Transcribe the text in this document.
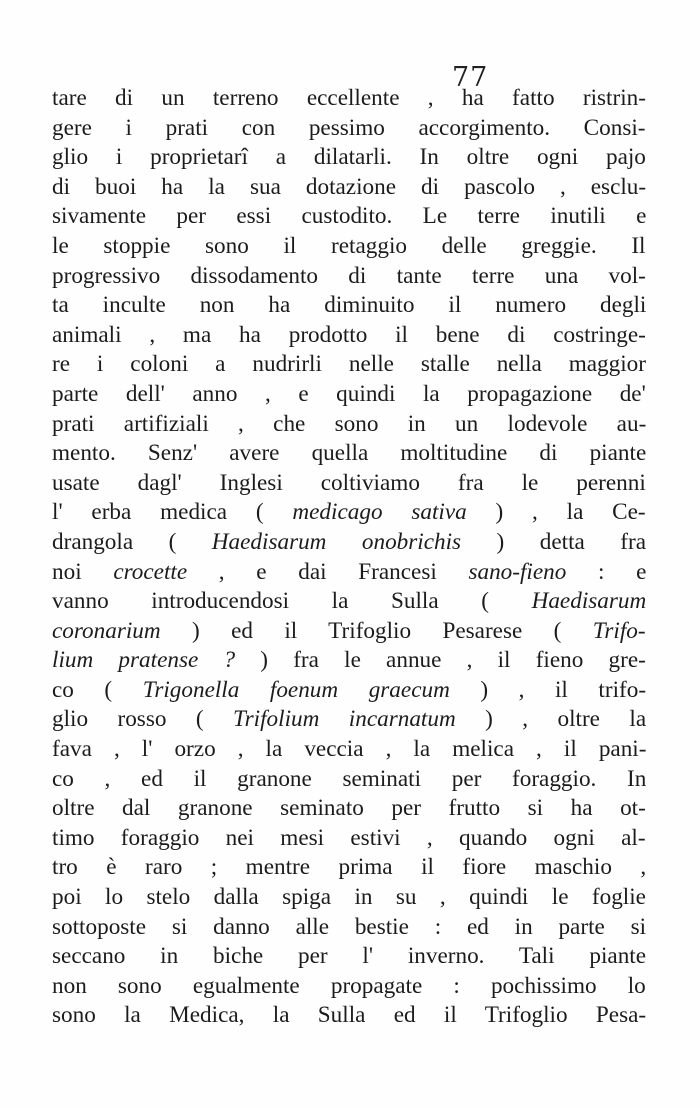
77
tare di un terreno eccellente , ha fatto ristrin-
gere i prati con pessimo accorgimento. Consi-
glio i proprietarî a dilatarli. In oltre ogni pajo
di buoi ha la sua dotazione di pascolo , esclu-
sivamente per essi custodito. Le terre inutili e
le stoppie sono il retaggio delle greggie. Il
progressivo dissodamento di tante terre una vol-
ta inculte non ha diminuito il numero degli
animali , ma ha prodotto il bene di costringe-
re i coloni a nudrirli nelle stalle nella maggior
parte dell' anno , e quindi la propagazione de'
prati artifiziali , che sono in un lodevole au-
mento. Senz' avere quella moltitudine di piante
usate dagl' Inglesi coltiviamo fra le perenni
l' erba medica ( medicago sativa ) , la Ce-
drangola ( Haedisarum onobrichis ) detta fra
noi crocette , e dai Francesi sano-fieno : e
vanno introducendosi la Sulla ( Haedisarum
coronarium ) ed il Trifoglio Pesarese ( Trifo-
lium pratense ? ) fra le annue , il fieno gre-
co ( Trigonella foenum graecum ) , il trifo-
glio rosso ( Trifolium incarnatum ) , oltre la
fava , l' orzo , la veccia , la melica , il pani-
co , ed il granone seminati per foraggio. In
oltre dal granone seminato per frutto si ha ot-
timo foraggio nei mesi estivi , quando ogni al-
tro è raro ; mentre prima il fiore maschio ,
poi lo stelo dalla spiga in su , quindi le foglie
sottoposte si danno alle bestie : ed in parte si
seccano in biche per l' inverno. Tali piante
non sono egualmente propagate : pochissimo lo
sono la Medica, la Sulla ed il Trifoglio Pesa-
